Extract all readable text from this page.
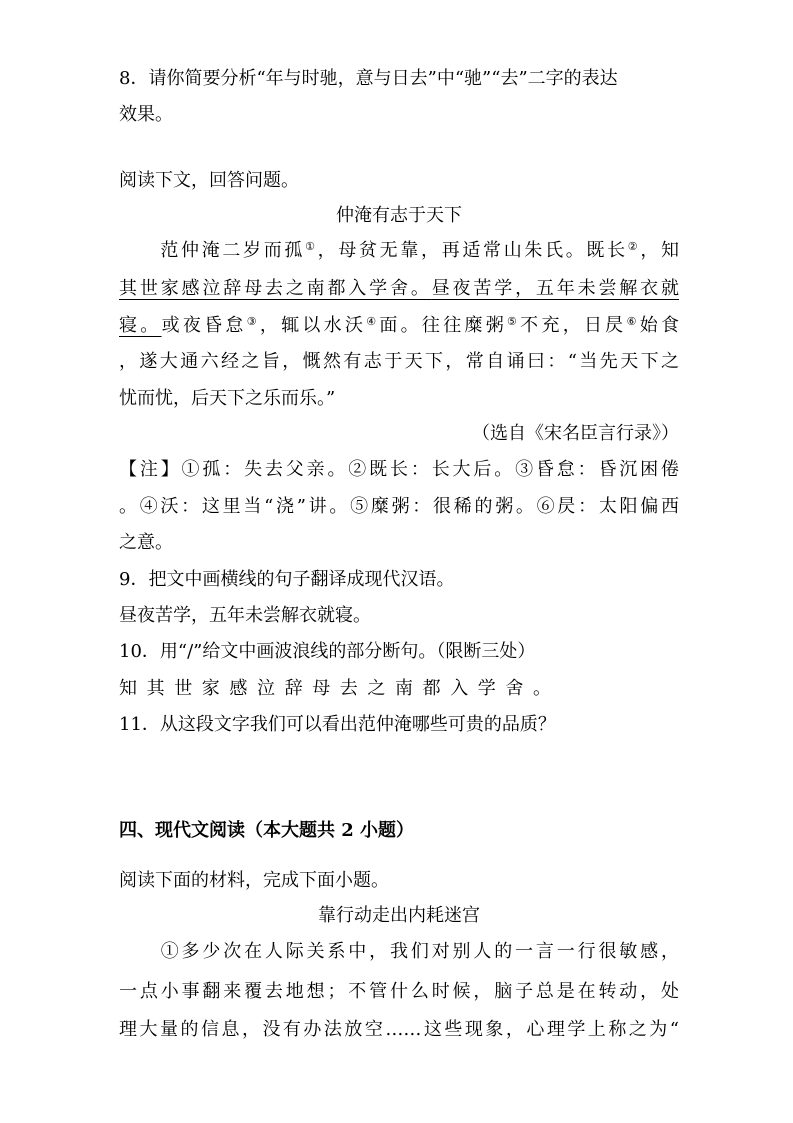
8．请你简要分析“年与时驰，意与日去”中“驰”“去”二字的表达
效果。
阅读下文，回答问题。
仲淹有志于天下
　　范仲淹二岁而孤①，母贫无靠，再适常山朱氏。既长②，知
其世家感泣辞母去之南都入学舍。昼夜苦学，五年未尝解衣就
寝。或夜昏怠③，辄以水沃④面。往往糜粥⑤不充，日昃⑥始食
，遂大通六经之旨，慨然有志于天下，常自诵曰：“当先天下之
忧而忧，后天下之乐而乐。”
（选自《宋名臣言行录》）
【注】①孤：失去父亲。②既长：长大后。③昏怠：昏沉困倦
。④沃：这里当“浇”讲。⑤糜粥：很稀的粥。⑥昃：太阳偏西
之意。
9．把文中画横线的句子翻译成现代汉语。
昼夜苦学，五年未尝解衣就寝。
10．用“/”给文中画波浪线的部分断句。（限断三处）
知其世家感泣辞母去之南都入学舍。
11．从这段文字我们可以看出范仲淹哪些可贵的品质？
四、现代文阅读（本大题共 2 小题）
阅读下面的材料，完成下面小题。
靠行动走出内耗迷宫
　　①多少次在人际关系中，我们对别人的一言一行很敏感，
一点小事翻来覆去地想；不管什么时候，脑子总是在转动，处
理大量的信息，没有办法放空……这些现象，心理学上称之为“
